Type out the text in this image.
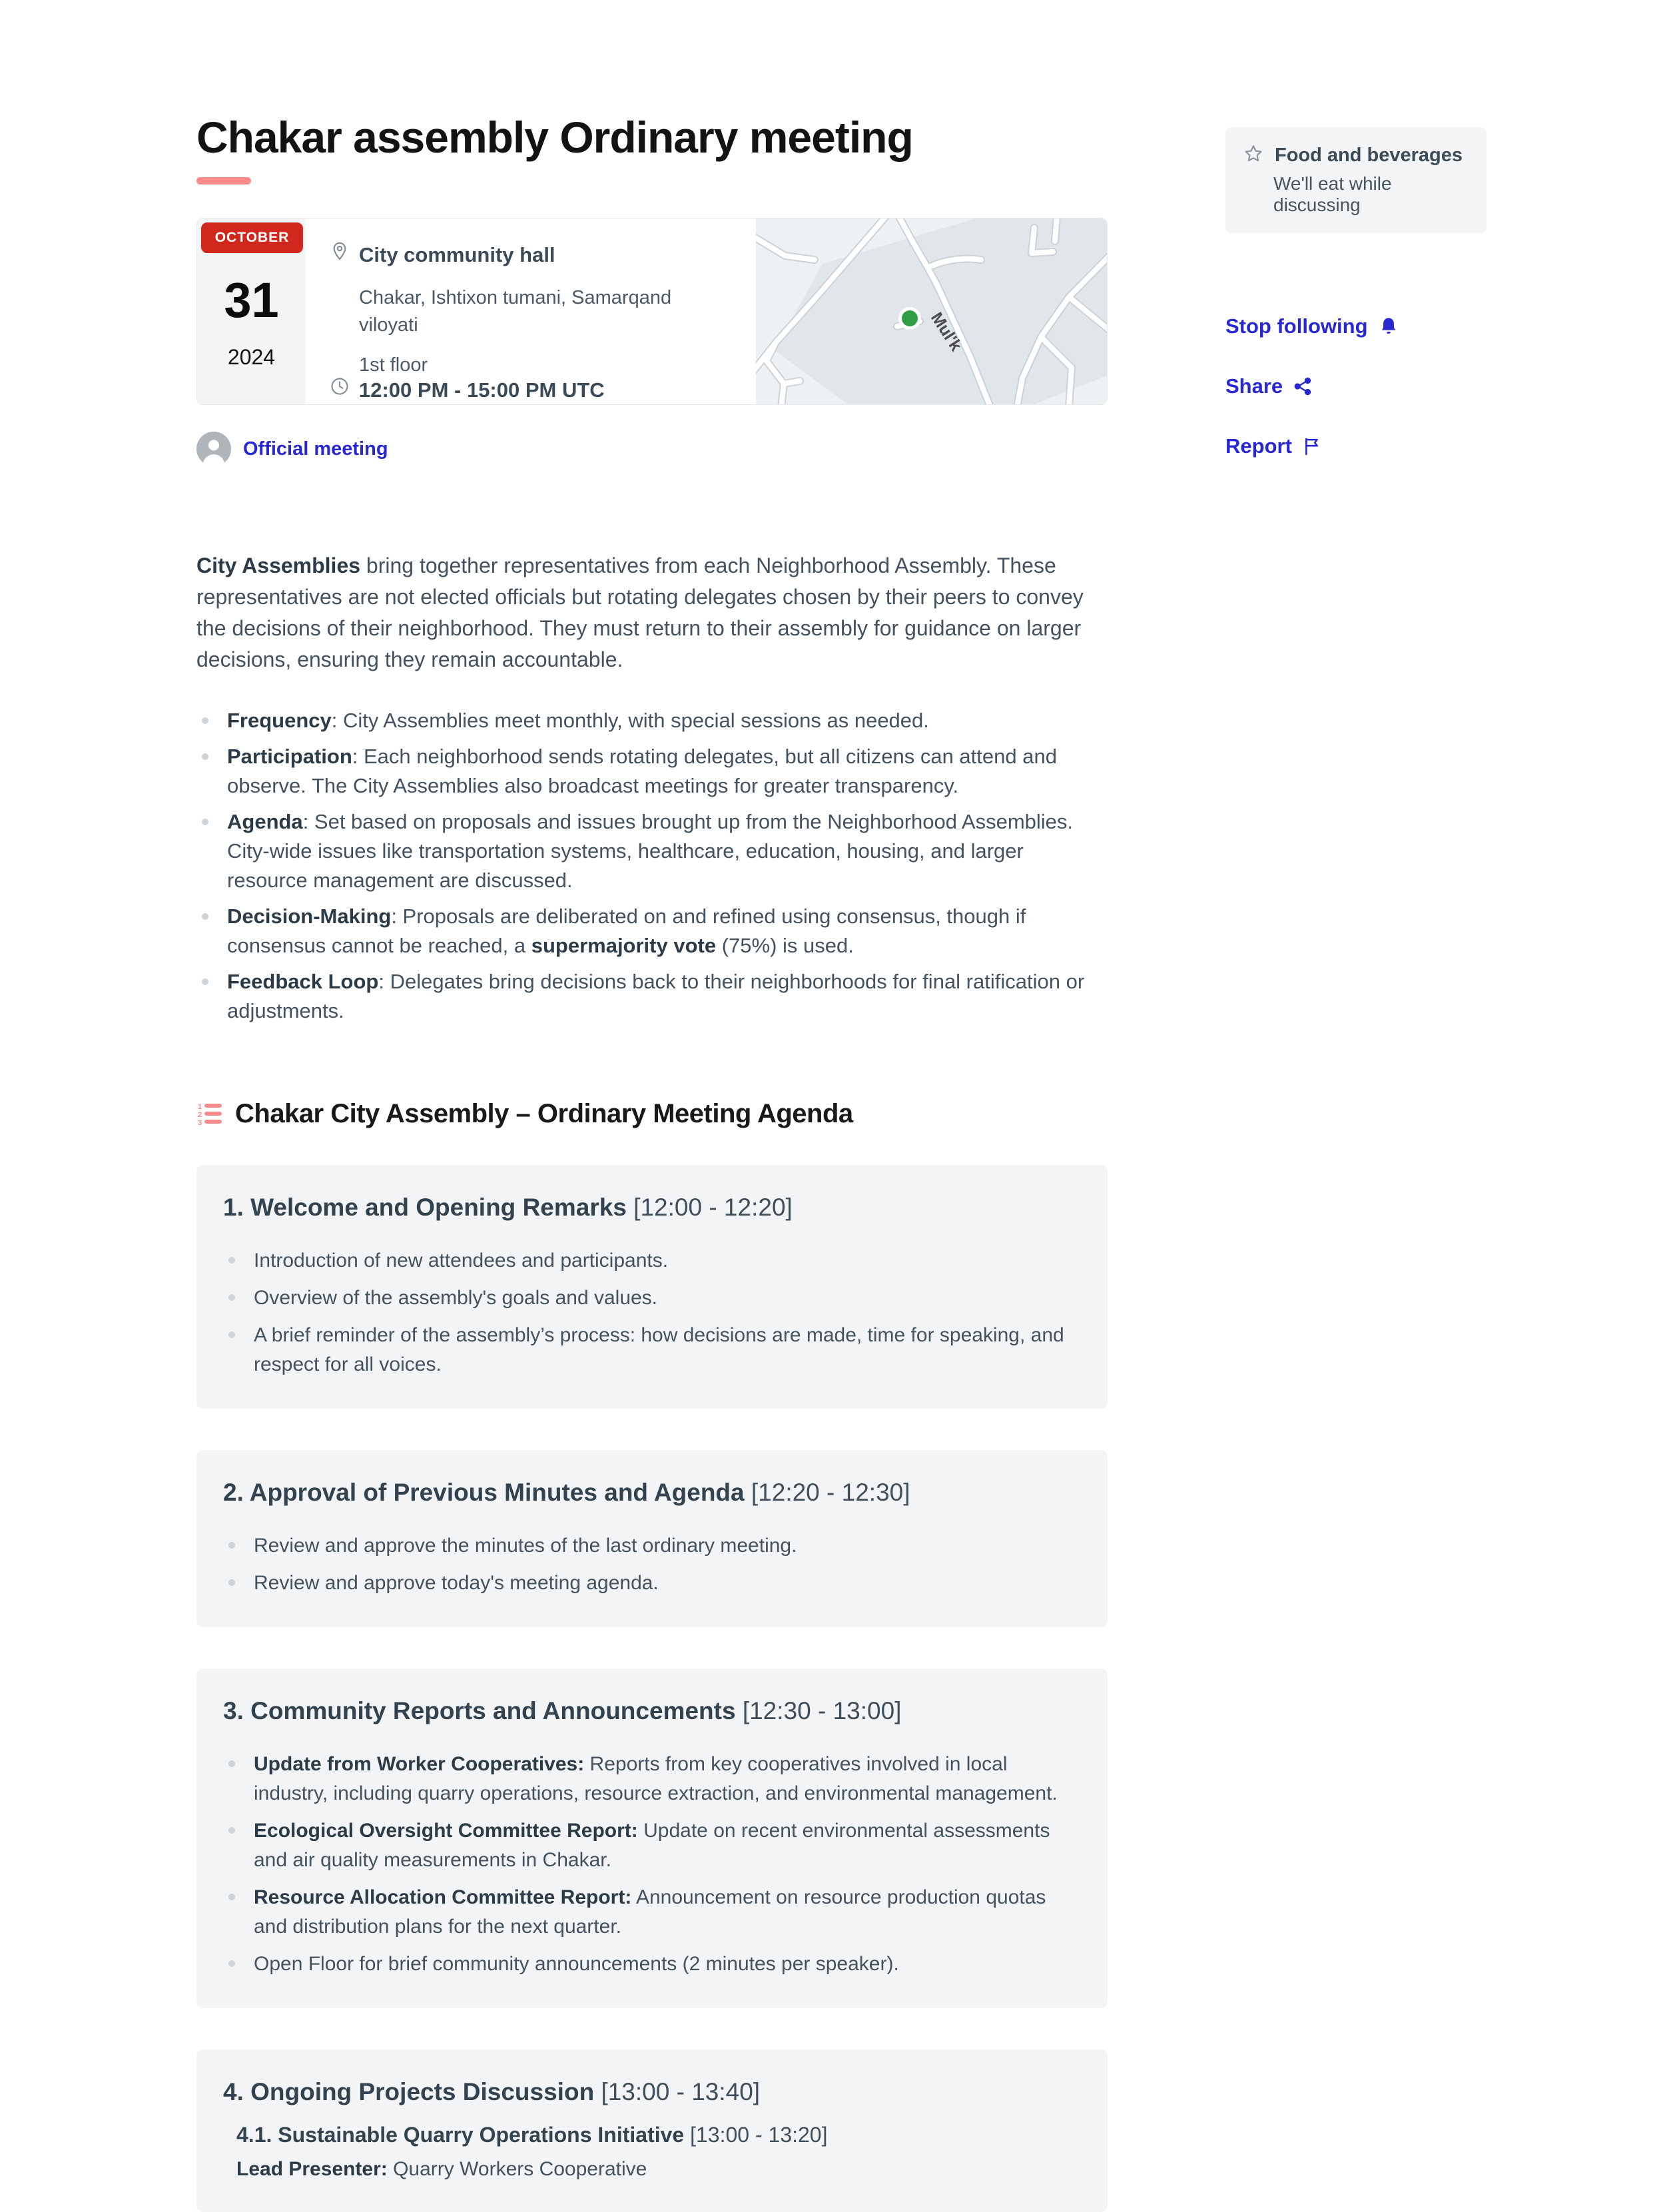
Chakar assembly Ordinary meeting
OCTOBER
31
2024
City community hall
Chakar, Ishtixon tumani, Samarqand viloyati
1st floor
12:00 PM - 15:00 PM UTC
Mul'k
Official meeting

City Assemblies bring together representatives from each Neighborhood Assembly. These representatives are not elected officials but rotating delegates chosen by their peers to convey the decisions of their neighborhood. They must return to their assembly for guidance on larger decisions, ensuring they remain accountable.

Frequency: City Assemblies meet monthly, with special sessions as needed.
Participation: Each neighborhood sends rotating delegates, but all citizens can attend and observe. The City Assemblies also broadcast meetings for greater transparency.
Agenda: Set based on proposals and issues brought up from the Neighborhood Assemblies. City-wide issues like transportation systems, healthcare, education, housing, and larger resource management are discussed.
Decision-Making: Proposals are deliberated on and refined using consensus, though if consensus cannot be reached, a supermajority vote (75%) is used.
Feedback Loop: Delegates bring decisions back to their neighborhoods for final ratification or adjustments.
1
2
3 Chakar City Assembly – Ordinary Meeting Agenda
1. Welcome and Opening Remarks [12:00 - 12:20]
Introduction of new attendees and participants.
Overview of the assembly's goals and values.
A brief reminder of the assembly’s process: how decisions are made, time for speaking, and respect for all voices.
2. Approval of Previous Minutes and Agenda [12:20 - 12:30]
Review and approve the minutes of the last ordinary meeting.
Review and approve today's meeting agenda.
3. Community Reports and Announcements [12:30 - 13:00]
Update from Worker Cooperatives: Reports from key cooperatives involved in local industry, including quarry operations, resource extraction, and environmental management.
Ecological Oversight Committee Report: Update on recent environmental assessments and air quality measurements in Chakar.
Resource Allocation Committee Report: Announcement on resource production quotas and distribution plans for the next quarter.
Open Floor for brief community announcements (2 minutes per speaker).
4. Ongoing Projects Discussion [13:00 - 13:40]
4.1. Sustainable Quarry Operations Initiative [13:00 - 13:20]
Lead Presenter: Quarry Workers Cooperative
Food and beverages
We'll eat while discussing
Stop following
Share
Report
